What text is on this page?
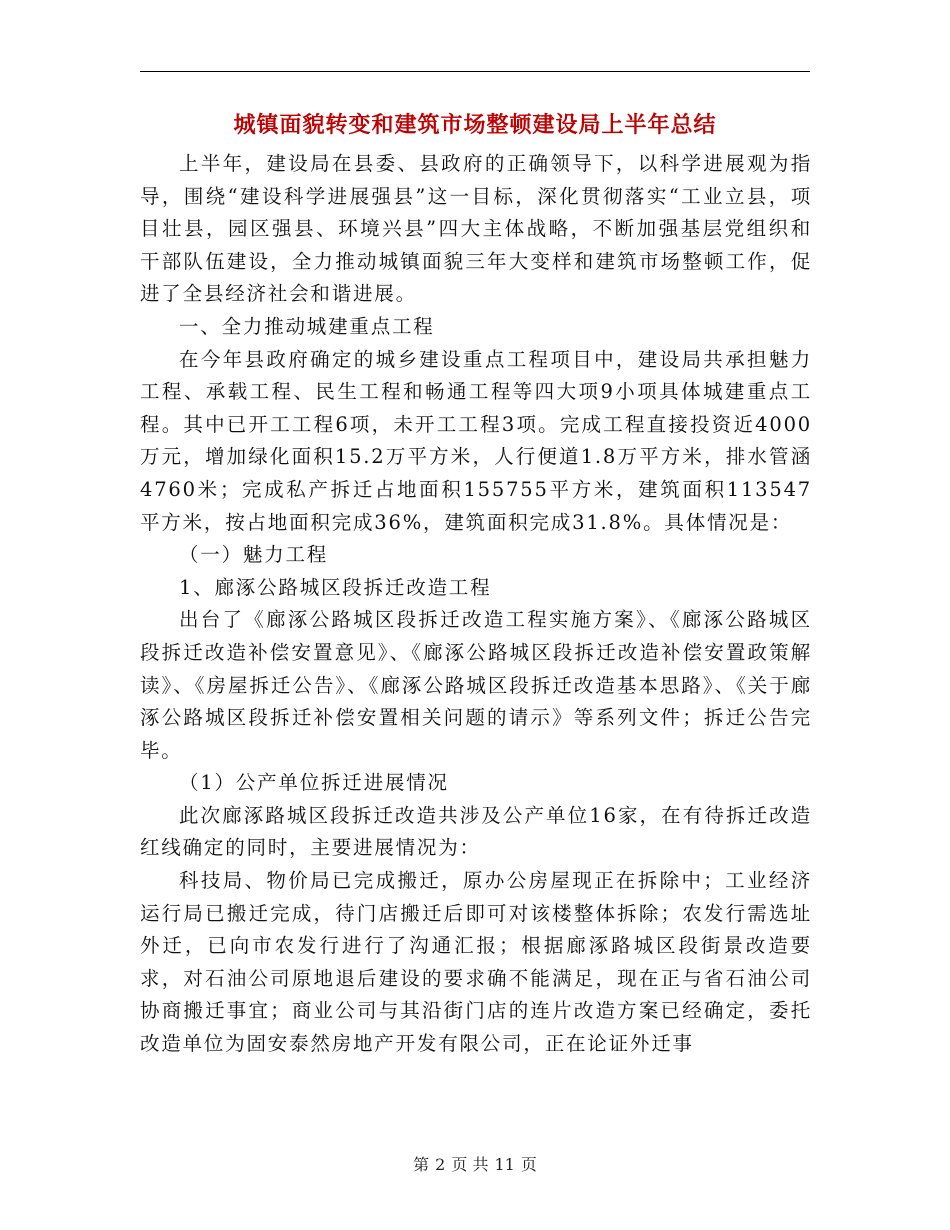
城镇面貌转变和建筑市场整顿建设局上半年总结

上半年，建设局在县委、县政府的正确领导下，以科学进展观为指导，围绕“建设科学进展强县”这一目标，深化贯彻落实“工业立县，项目壮县，园区强县、环境兴县”四大主体战略，不断加强基层党组织和干部队伍建设，全力推动城镇面貌三年大变样和建筑市场整顿工作，促进了全县经济社会和谐进展。

一、全力推动城建重点工程

在今年县政府确定的城乡建设重点工程项目中，建设局共承担魅力工程、承载工程、民生工程和畅通工程等四大项9小项具体城建重点工程。其中已开工工程6项，未开工工程3项。完成工程直接投资近4000万元，增加绿化面积15.2万平方米，人行便道1.8万平方米，排水管涵4760米；完成私产拆迁占地面积155755平方米，建筑面积113547平方米，按占地面积完成36%，建筑面积完成31.8%。具体情况是：

（一）魅力工程

1、廊涿公路城区段拆迁改造工程

出台了《廊涿公路城区段拆迁改造工程实施方案》、《廊涿公路城区段拆迁改造补偿安置意见》、《廊涿公路城区段拆迁改造补偿安置政策解读》、《房屋拆迁公告》、《廊涿公路城区段拆迁改造基本思路》、《关于廊涿公路城区段拆迁补偿安置相关问题的请示》等系列文件；拆迁公告完毕。

（1）公产单位拆迁进展情况

此次廊涿路城区段拆迁改造共涉及公产单位16家，在有待拆迁改造红线确定的同时，主要进展情况为：

科技局、物价局已完成搬迁，原办公房屋现正在拆除中；工业经济运行局已搬迁完成，待门店搬迁后即可对该楼整体拆除；农发行需选址外迁，已向市农发行进行了沟通汇报；根据廊涿路城区段街景改造要求，对石油公司原地退后建设的要求确不能满足，现在正与省石油公司协商搬迁事宜；商业公司与其沿街门店的连片改造方案已经确定，委托改造单位为固安泰然房地产开发有限公司，正在论证外迁事

第 2 页 共 11 页
